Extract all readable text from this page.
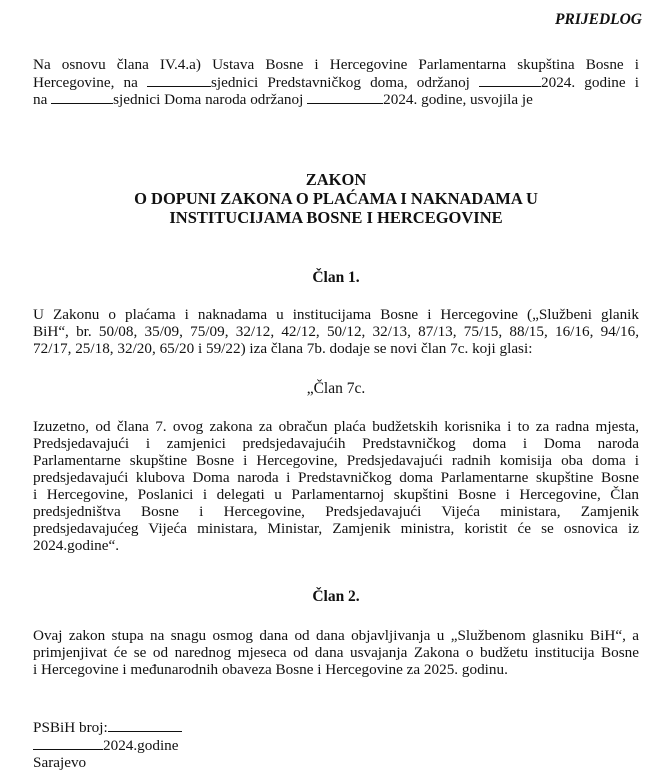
PRIJEDLOG
Na osnovu člana IV.4.a) Ustava Bosne i Hercegovine Parlamentarna skupština Bosne i
Hercegovine, na	sjednici Predstavničkog doma, održanoj	2024. godine i
na	sjednici Doma naroda održanoj	2024. godine, usvojila je
ZAKON
O DOPUNI ZAKONA O PLAĆAMA I NAKNADAMA U
INSTITUCIJAMA BOSNE I HERCEGOVINE
Član 1.
U Zakonu o plaćama i naknadama u institucijama Bosne i Hercegovine („Službeni glanik
BiH“, br. 50/08, 35/09, 75/09, 32/12, 42/12, 50/12, 32/13, 87/13, 75/15, 88/15, 16/16, 94/16,
72/17, 25/18, 32/20, 65/20 i 59/22) iza člana 7b. dodaje se novi član 7c. koji glasi:
„Član 7c.
Izuzetno, od člana 7. ovog zakona za obračun plaća budžetskih korisnika i to za radna mjesta,
Predsjedavajući i zamjenici predsjedavajućih Predstavničkog doma i Doma naroda
Parlamentarne skupštine Bosne i Hercegovine, Predsjedavajući radnih komisija oba doma i
predsjedavajući klubova Doma naroda i Predstavničkog doma Parlamentarne skupštine Bosne
i Hercegovine, Poslanici i delegati u Parlamentarnoj skupštini Bosne i Hercegovine, Član
predsjedništva Bosne i Hercegovine, Predsjedavajući Vijeća ministara, Zamjenik
predsjedavajućeg Vijeća ministara, Ministar, Zamjenik ministra, koristit će se osnovica iz
2024.godine“.
Član 2.
Ovaj zakon stupa na snagu osmog dana od dana objavljivanja u „Službenom glasniku BiH“, a
primjenjivat će se od narednog mjeseca od dana usvajanja Zakona o budžetu institucija Bosne
i Hercegovine i međunarodnih obaveza Bosne i Hercegovine za 2025. godinu.
PSBiH broj:
2024.godine
Sarajevo
